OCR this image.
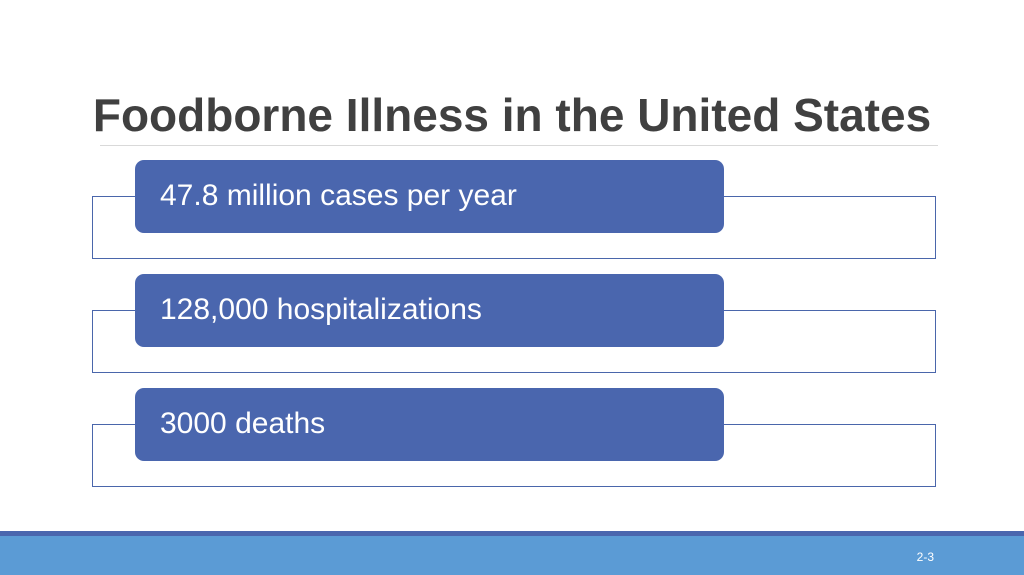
Foodborne Illness in the United States
47.8 million cases per year
128,000 hospitalizations
3000 deaths
2-3
